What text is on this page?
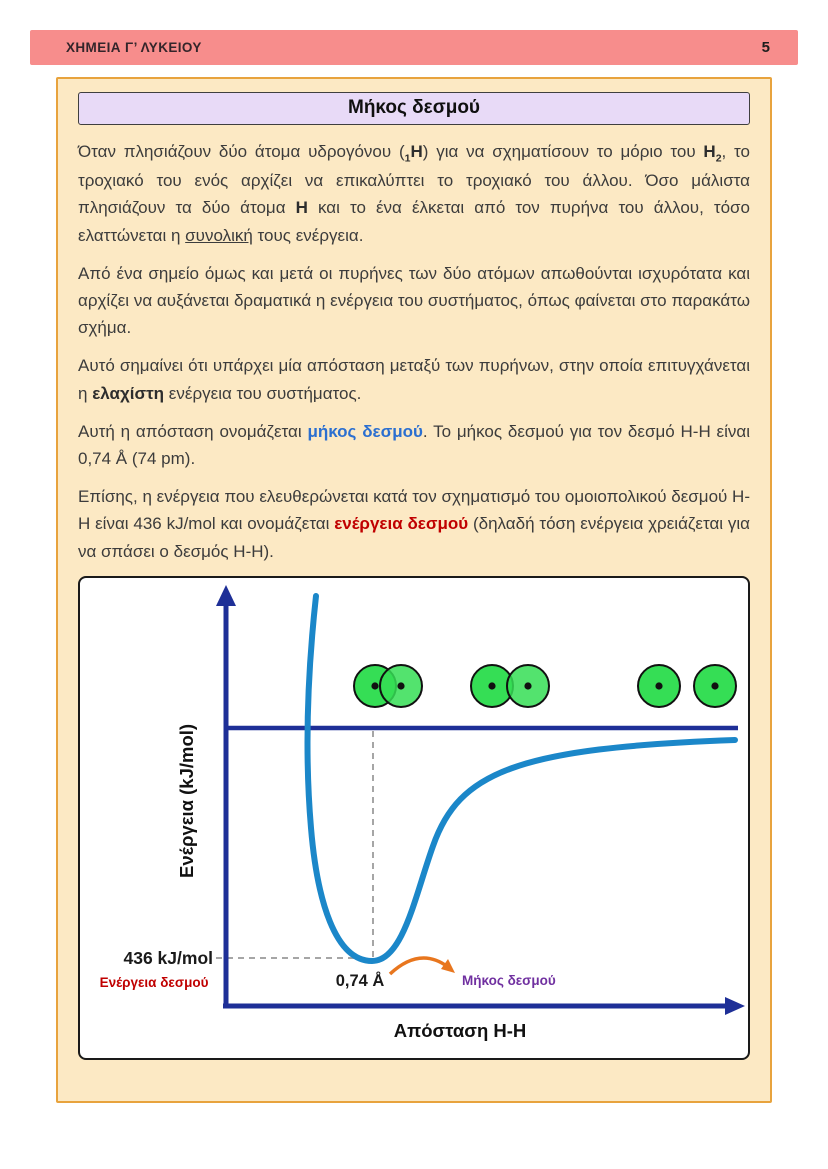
ΧΗΜΕΙΑ Γ’ ΛΥΚΕΙΟΥ	5
Μήκος δεσμού

Όταν πλησιάζουν δύο άτομα υδρογόνου $(_1H)$ για να σχηματίσουν το μόριο του $H_2$, το τροχιακό του ενός αρχίζει να επικαλύπτει το τροχιακό του άλλου. Όσο μάλιστα πλησιάζουν τα δύο άτομα H και το ένα έλκεται από τον πυρήνα του άλλου, τόσο ελαττώνεται η συνολική τους ενέργεια.

Από ένα σημείο όμως και μετά οι πυρήνες των δύο ατόμων απωθούνται ισχυρότατα και αρχίζει να αυξάνεται δραματικά η ενέργεια του συστήματος, όπως φαίνεται στο παρακάτω σχήμα.

Αυτό σημαίνει ότι υπάρχει μία απόσταση μεταξύ των πυρήνων, στην οποία επιτυγχάνεται η ελαχίστη ενέργεια του συστήματος.

Αυτή η απόσταση ονομάζεται μήκος δεσμού. Το μήκος δεσμού για τον δεσμό H-H είναι 0,74 Å (74 pm).

Επίσης, η ενέργεια που ελευθερώνεται κατά τον σχηματισμό του ομοιοπολικού δεσμού H-H είναι 436 kJ/mol και ονομάζεται ενέργεια δεσμού (δηλαδή τόση ενέργεια χρειάζεται για να σπάσει ο δεσμός H-H).

436 kJ/mol
Ενέργεια δεσμού	0,74 Å	Μήκος δεσμού
Απόσταση H-H
Ενέργεια (kJ/mol)
